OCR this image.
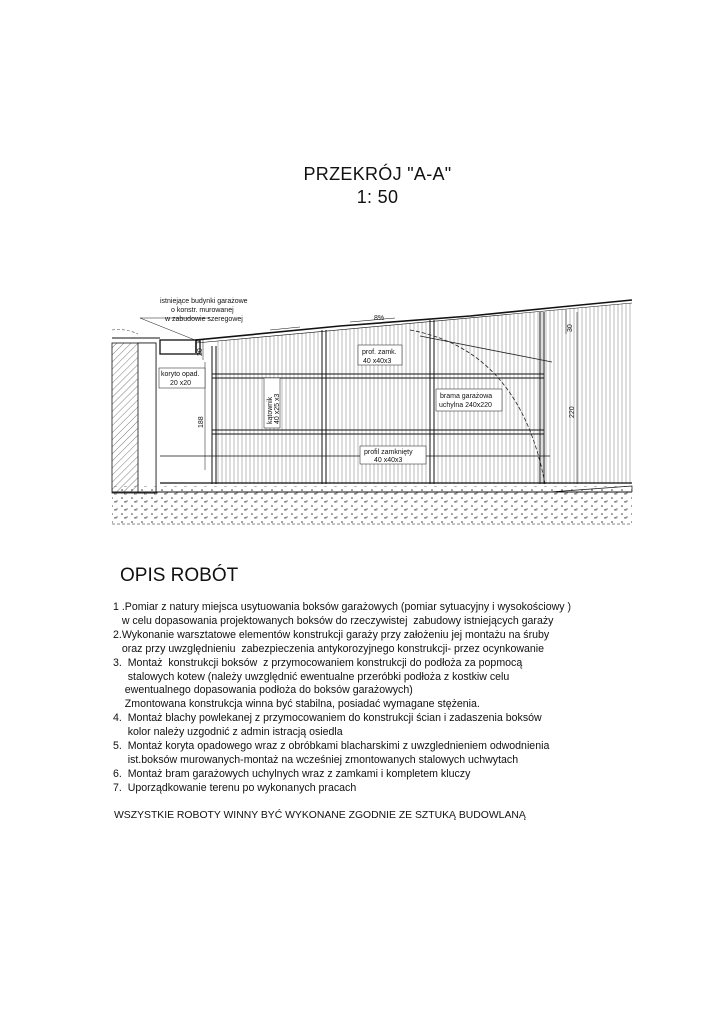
PRZEKRÓJ "A-A"
1: 50
istniejące budynki garażowe
o konstr. murowanej
w zabudowie szeregowej	8%
30
20
koryto opad.
20 x20
prof. zamk.
40 x40x3
kątownik 40 x25 x3
188
brama garażowa
uchylna 240x220
220
profil zamknięty
40 x40x3
OPIS ROBÓT
1 .Pomiar z natury miejsca usytuowania boksów garażowych (pomiar sytuacyjny i wysokościowy )
w celu dopasowania projektowanych boksów do rzeczywistej  zabudowy istniejących garaży
2.Wykonanie warsztatowe elementów konstrukcji garaży przy założeniu jej montażu na śruby
oraz przy uwzględnieniu  zabezpieczenia antykorozyjnego konstrukcji- przez ocynkowanie
3.  Montaż  konstrukcji boksów  z przymocowaniem konstrukcji do podłoża za popmocą
stalowych kotew (należy uwzględnić ewentualne przeróbki podłoża z kostkiw celu
ewentualnego dopasowania podłoża do boksów garażowych)
Zmontowana konstrukcja winna być stabilna, posiadać wymagane stężenia.
4.  Montaż blachy powlekanej z przymocowaniem do konstrukcji ścian i zadaszenia boksów
kolor należy uzgodnić z admin istracją osiedla
5.  Montaż koryta opadowego wraz z obróbkami blacharskimi z uwzglednieniem odwodnienia
ist.boksów murowanych-montaż na wcześniej zmontowanych stalowych uchwytach
6.  Montaż bram garażowych uchylnych wraz z zamkami i kompletem kluczy
7.  Uporządkowanie terenu po wykonanych pracach
WSZYSTKIE ROBOTY WINNY BYĆ WYKONANE ZGODNIE ZE SZTUKĄ BUDOWLANĄ
